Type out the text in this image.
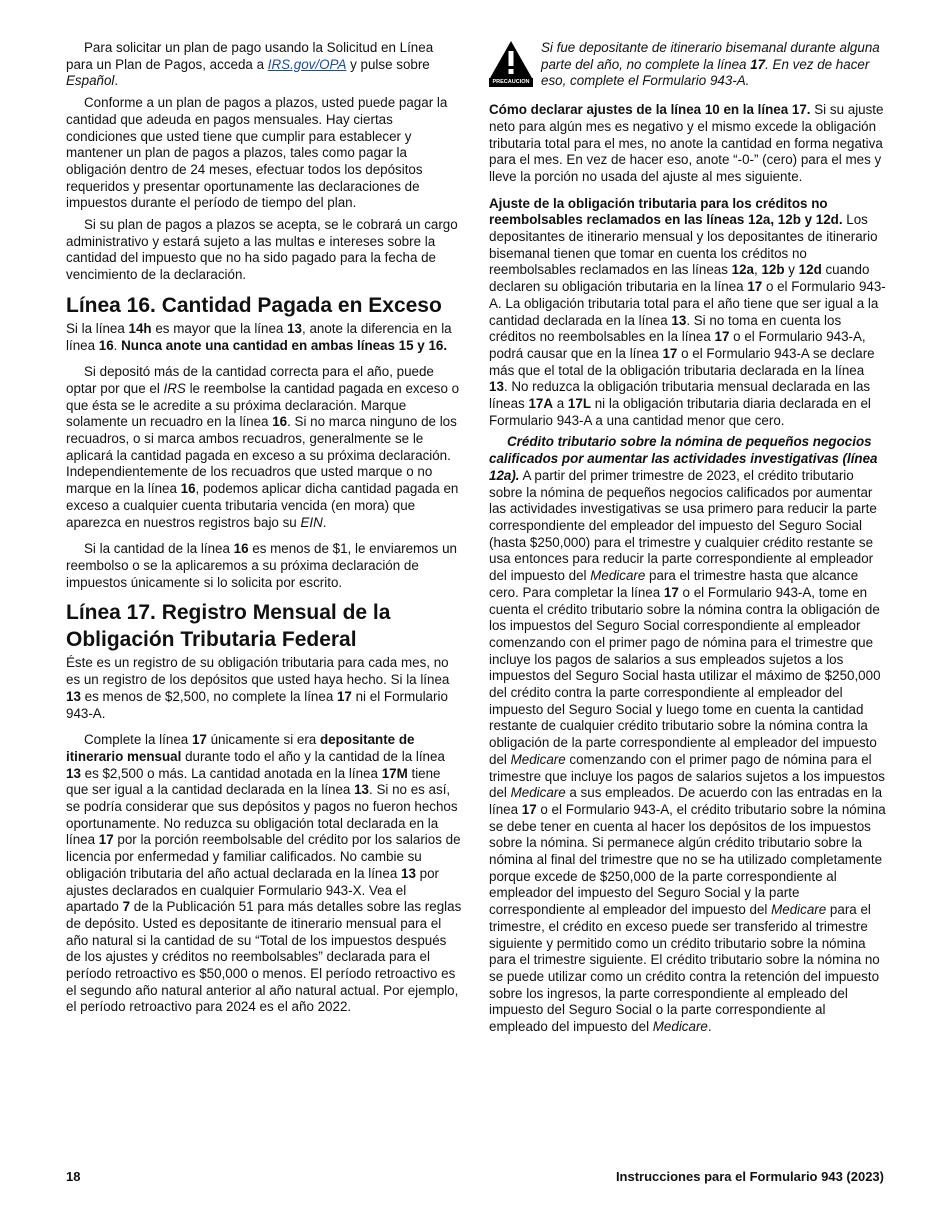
Para solicitar un plan de pago usando la Solicitud en Línea para un Plan de Pagos, acceda a IRS.gov/OPA y pulse sobre Español.

Conforme a un plan de pagos a plazos, usted puede pagar la cantidad que adeuda en pagos mensuales. Hay ciertas condiciones que usted tiene que cumplir para establecer y mantener un plan de pagos a plazos, tales como pagar la obligación dentro de 24 meses, efectuar todos los depósitos requeridos y presentar oportunamente las declaraciones de impuestos durante el período de tiempo del plan.

Si su plan de pagos a plazos se acepta, se le cobrará un cargo administrativo y estará sujeto a las multas e intereses sobre la cantidad del impuesto que no ha sido pagado para la fecha de vencimiento de la declaración.

Línea 16. Cantidad Pagada en Exceso

Si la línea 14h es mayor que la línea 13, anote la diferencia en la línea 16. Nunca anote una cantidad en ambas líneas 15 y 16.

Si depositó más de la cantidad correcta para el año, puede optar por que el IRS le reembolse la cantidad pagada en exceso o que ésta se le acredite a su próxima declaración. Marque solamente un recuadro en la línea 16. Si no marca ninguno de los recuadros, o si marca ambos recuadros, generalmente se le aplicará la cantidad pagada en exceso a su próxima declaración. Independientemente de los recuadros que usted marque o no marque en la línea 16, podemos aplicar dicha cantidad pagada en exceso a cualquier cuenta tributaria vencida (en mora) que aparezca en nuestros registros bajo su EIN.

Si la cantidad de la línea 16 es menos de $1, le enviaremos un reembolso o se la aplicaremos a su próxima declaración de impuestos únicamente si lo solicita por escrito.

Línea 17. Registro Mensual de la Obligación Tributaria Federal

Éste es un registro de su obligación tributaria para cada mes, no es un registro de los depósitos que usted haya hecho. Si la línea 13 es menos de $2,500, no complete la línea 17 ni el Formulario 943-A.

Complete la línea 17 únicamente si era depositante de itinerario mensual durante todo el año y la cantidad de la línea 13 es $2,500 o más. La cantidad anotada en la línea 17M tiene que ser igual a la cantidad declarada en la línea 13. Si no es así, se podría considerar que sus depósitos y pagos no fueron hechos oportunamente. No reduzca su obligación total declarada en la línea 17 por la porción reembolsable del crédito por los salarios de licencia por enfermedad y familiar calificados. No cambie su obligación tributaria del año actual declarada en la línea 13 por ajustes declarados en cualquier Formulario 943-X. Vea el apartado 7 de la Publicación 51 para más detalles sobre las reglas de depósito. Usted es depositante de itinerario mensual para el año natural si la cantidad de su “Total de los impuestos después de los ajustes y créditos no reembolsables” declarada para el período retroactivo es $50,000 o menos. El período retroactivo es el segundo año natural anterior al año natural actual. Por ejemplo, el período retroactivo para 2024 es el año 2022.

PRECAUCION
Si fue depositante de itinerario bisemanal durante alguna parte del año, no complete la línea 17. En vez de hacer eso, complete el Formulario 943-A.

Cómo declarar ajustes de la línea 10 en la línea 17. Si su ajuste neto para algún mes es negativo y el mismo excede la obligación tributaria total para el mes, no anote la cantidad en forma negativa para el mes. En vez de hacer eso, anote “-0-” (cero) para el mes y lleve la porción no usada del ajuste al mes siguiente.

Ajuste de la obligación tributaria para los créditos no reembolsables reclamados en las líneas 12a, 12b y 12d. Los depositantes de itinerario mensual y los depositantes de itinerario bisemanal tienen que tomar en cuenta los créditos no reembolsables reclamados en las líneas 12a, 12b y 12d cuando declaren su obligación tributaria en la línea 17 o el Formulario 943-A. La obligación tributaria total para el año tiene que ser igual a la cantidad declarada en la línea 13. Si no toma en cuenta los créditos no reembolsables en la línea 17 o el Formulario 943-A, podrá causar que en la línea 17 o el Formulario 943-A se declare más que el total de la obligación tributaria declarada en la línea 13. No reduzca la obligación tributaria mensual declarada en las líneas 17A a 17L ni la obligación tributaria diaria declarada en el Formulario 943-A a una cantidad menor que cero.

Crédito tributario sobre la nómina de pequeños negocios calificados por aumentar las actividades investigativas (línea 12a). A partir del primer trimestre de 2023, el crédito tributario sobre la nómina de pequeños negocios calificados por aumentar las actividades investigativas se usa primero para reducir la parte correspondiente del empleador del impuesto del Seguro Social (hasta $250,000) para el trimestre y cualquier crédito restante se usa entonces para reducir la parte correspondiente al empleador del impuesto del Medicare para el trimestre hasta que alcance cero. Para completar la línea 17 o el Formulario 943-A, tome en cuenta el crédito tributario sobre la nómina contra la obligación de los impuestos del Seguro Social correspondiente al empleador comenzando con el primer pago de nómina para el trimestre que incluye los pagos de salarios a sus empleados sujetos a los impuestos del Seguro Social hasta utilizar el máximo de $250,000 del crédito contra la parte correspondiente al empleador del impuesto del Seguro Social y luego tome en cuenta la cantidad restante de cualquier crédito tributario sobre la nómina contra la obligación de la parte correspondiente al empleador del impuesto del Medicare comenzando con el primer pago de nómina para el trimestre que incluye los pagos de salarios sujetos a los impuestos del Medicare a sus empleados. De acuerdo con las entradas en la línea 17 o el Formulario 943-A, el crédito tributario sobre la nómina se debe tener en cuenta al hacer los depósitos de los impuestos sobre la nómina. Si permanece algún crédito tributario sobre la nómina al final del trimestre que no se ha utilizado completamente porque excede de $250,000 de la parte correspondiente al empleador del impuesto del Seguro Social y la parte correspondiente al empleador del impuesto del Medicare para el trimestre, el crédito en exceso puede ser transferido al trimestre siguiente y permitido como un crédito tributario sobre la nómina para el trimestre siguiente. El crédito tributario sobre la nómina no se puede utilizar como un crédito contra la retención del impuesto sobre los ingresos, la parte correspondiente al empleado del impuesto del Seguro Social o la parte correspondiente al empleado del impuesto del Medicare.

18	Instrucciones para el Formulario 943 (2023)
